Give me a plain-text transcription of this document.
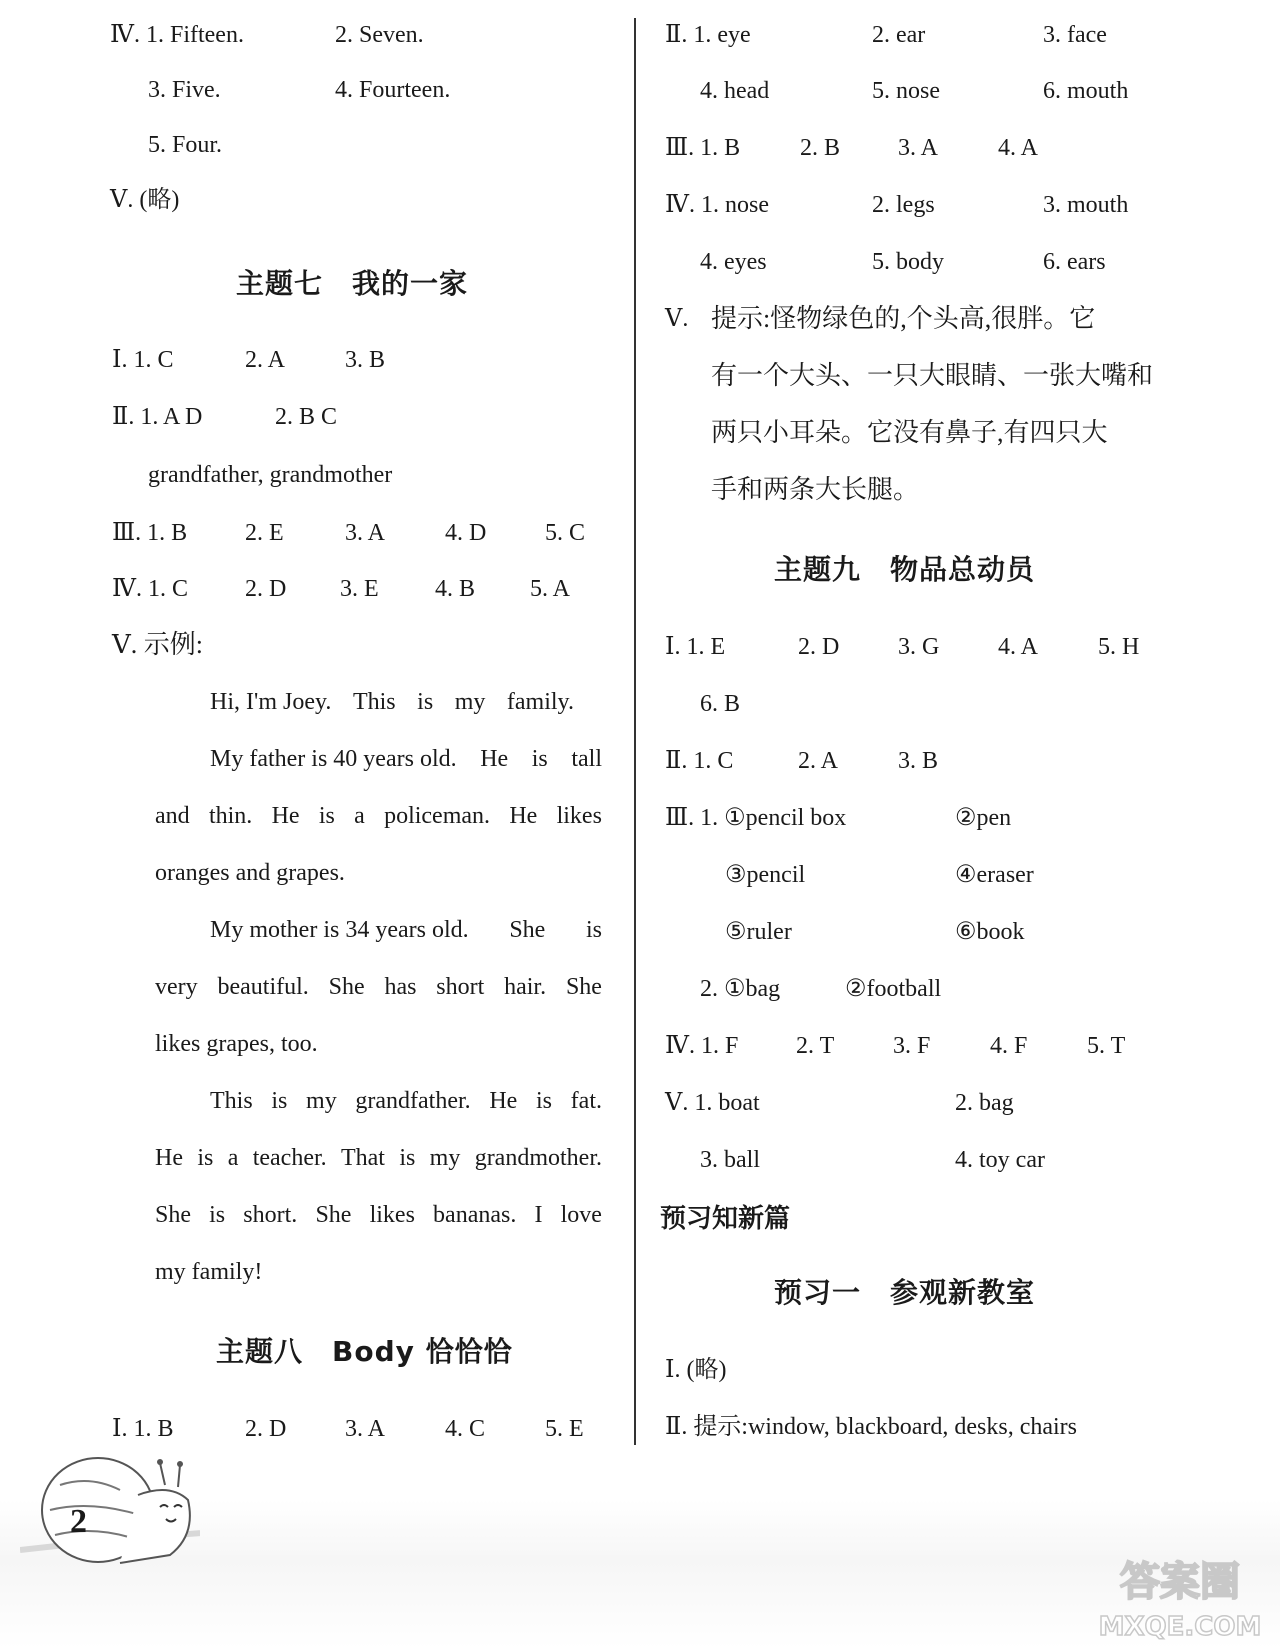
Ⅳ. 1. Fifteen.	2. Seven.
3. Five.	4. Fourteen.
5. Four.
Ⅴ. (略)
主题七　我的一家
Ⅰ. 1. C	2. A 3. B
Ⅱ. 1. A D	2. B C
grandfather, grandmother
Ⅲ. 1. B 2. E	3. A 4. D 5. C
Ⅳ. 1. C 2. D 3. E 4. B 5. A
Ⅴ. 示例:
Hi, I'm Joey. This is my family.
My father is 40 years old. He is tall
and thin. He is a policeman. He likes
oranges and grapes.
My mother is 34 years old. She is
very beautiful. She has short hair. She
likes grapes, too.
This is my grandfather. He is fat.
He is a teacher. That is my grandmother.
She is short. She likes bananas. I love
my family!
主题八　Body 恰恰恰
Ⅰ. 1. B	2. D 3. A 4. C 5. E
Ⅱ. 1. eye	2. ear	3. face
4. head	5. nose	6. mouth
Ⅲ. 1. B 2. B 3. A 4. A
Ⅳ. 1. nose	2. legs	3. mouth
4. eyes	5. body	6. ears
Ⅴ. 提示:怪物绿色的,个头高,很胖。它
有一个大头、一只大眼睛、一张大嘴和
两只小耳朵。它没有鼻子,有四只大
手和两条大长腿。
主题九　物品总动员
Ⅰ. 1. E	2. D 3. G 4. A 5. H
6. B
Ⅱ. 1. C	2. A 3. B
Ⅲ. 1. ①pencil box	②pen
③pencil	④eraser
⑤ruler	⑥book
2. ①bag	②football
Ⅳ. 1. F 2. T 3. F 4. F 5. T
Ⅴ. 1. boat	2. bag
3. ball	4. toy car
预习知新篇
预习一　参观新教室
Ⅰ. (略)
Ⅱ. 提示:window, blackboard, desks, chairs
2
答案圈
MXQE.COM
